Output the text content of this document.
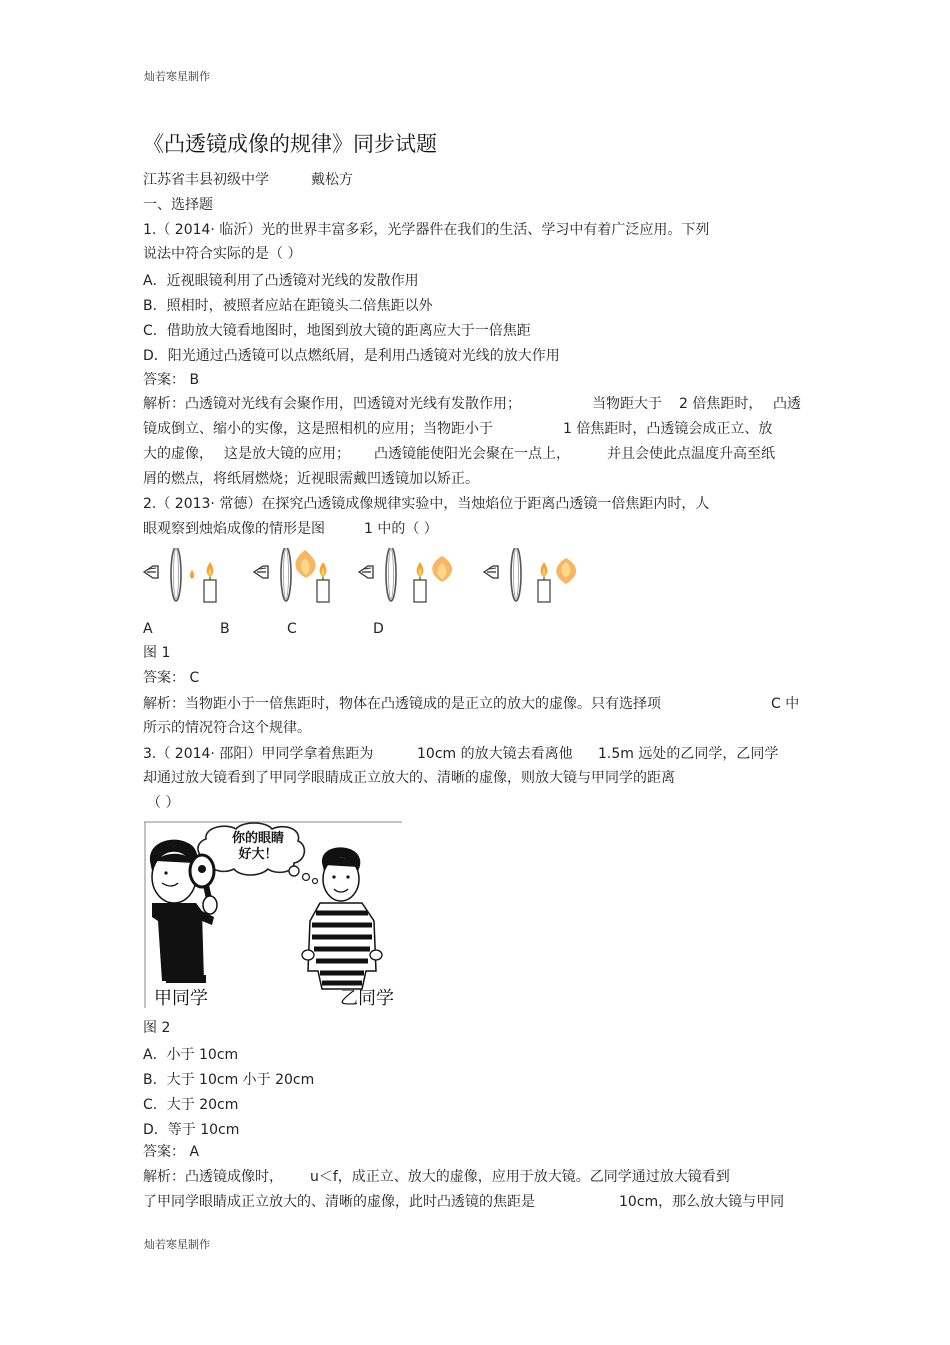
灿若寒星制作
《凸透镜成像的规律》同步试题
江苏省丰县初级中学	戴松方
一、选择题
1.（ 2014· 临沂）光的世界丰富多彩，光学器件在我们的生活、学习中有着广泛应用。下列
说法中符合实际的是（ ）
A．近视眼镜利用了凸透镜对光线的发散作用
B．照相时，被照者应站在距镜头二倍焦距以外
C．借助放大镜看地图时，地图到放大镜的距离应大于一倍焦距
D．阳光通过凸透镜可以点燃纸屑，是利用凸透镜对光线的放大作用
答案： B
解析：凸透镜对光线有会聚作用，凹透镜对光线有发散作用；	当物距大于 2 倍焦距时， 凸透
镜成倒立、缩小的实像，这是照相机的应用；当物距小于	1 倍焦距时，凸透镜会成正立、放
大的虚像， 这是放大镜的应用； 凸透镜能使阳光会聚在一点上，	并且会使此点温度升高至纸
屑的燃点，将纸屑燃烧；近视眼需戴凹透镜加以矫正。
2.（ 2013· 常德）在探究凸透镜成像规律实验中，当烛焰位于距离凸透镜一倍焦距内时，人
眼观察到烛焰成像的情形是图	1 中的（ ）
A	B	C	D
图 1
答案： C
解析：当物距小于一倍焦距时，物体在凸透镜成的是正立的放大的虚像。只有选择项	C 中
所示的情况符合这个规律。
3.（ 2014· 邵阳）甲同学拿着焦距为	10cm 的放大镜去看离他 1.5m 远处的乙同学，乙同学
却通过放大镜看到了甲同学眼睛成正立放大的、清晰的虚像，则放大镜与甲同学的距离
（ ）
你的眼睛
好大！
甲同学	乙同学
图 2
A．小于 10cm
B．大于 10cm 小于 20cm
C．大于 20cm
D．等于 10cm
答案： A
解析：凸透镜成像时， u＜f，成正立、放大的虚像，应用于放大镜。乙同学通过放大镜看到
了甲同学眼睛成正立放大的、清晰的虚像，此时凸透镜的焦距是	10cm，那么放大镜与甲同
灿若寒星制作
